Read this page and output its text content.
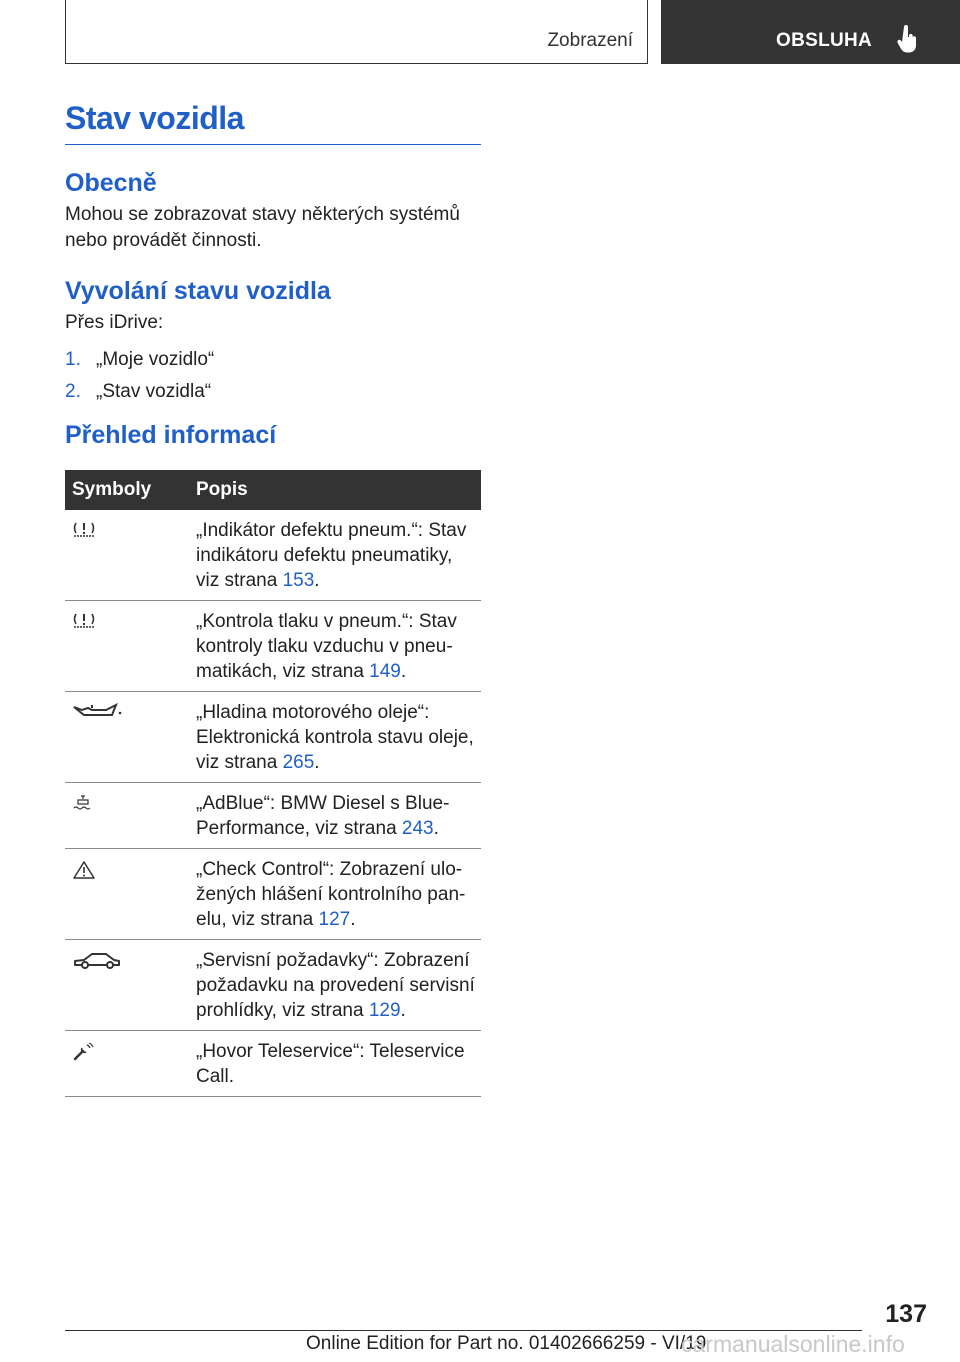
Zobrazení	OBSLUHA
Stav vozidla
Obecně

Mohou se zobrazovat stavy některých systémů nebo provádět činnosti.

Vyvolání stavu vozidla

Přes iDrive:

1. „Moje vozidlo“
2. „Stav vozidla“
Přehled informací
Symboly	Popis

	„Indikátor defektu pneum.“: Stav indikátoru defektu pneumatiky, viz strana 153.

	„Kontrola tlaku v pneum.“: Stav kontroly tlaku vzduchu v pneumatikách, viz strana 149.

	„Hladina motorového oleje“: Elektronická kontrola stavu oleje, viz strana 265.

	„AdBlue“: BMW Diesel s BluePerformance, viz strana 243.

	„Check Control“: Zobrazení uložených hlášení kontrolního panelu, viz strana 127.

	„Servisní požadavky“: Zobrazení požadavku na provedení servisní prohlídky, viz strana 129.

	„Hovor Teleservice“: Teleservice Call.
137
Online Edition for Part no. 01402666259 - VI/19
carmanualsonline.info
